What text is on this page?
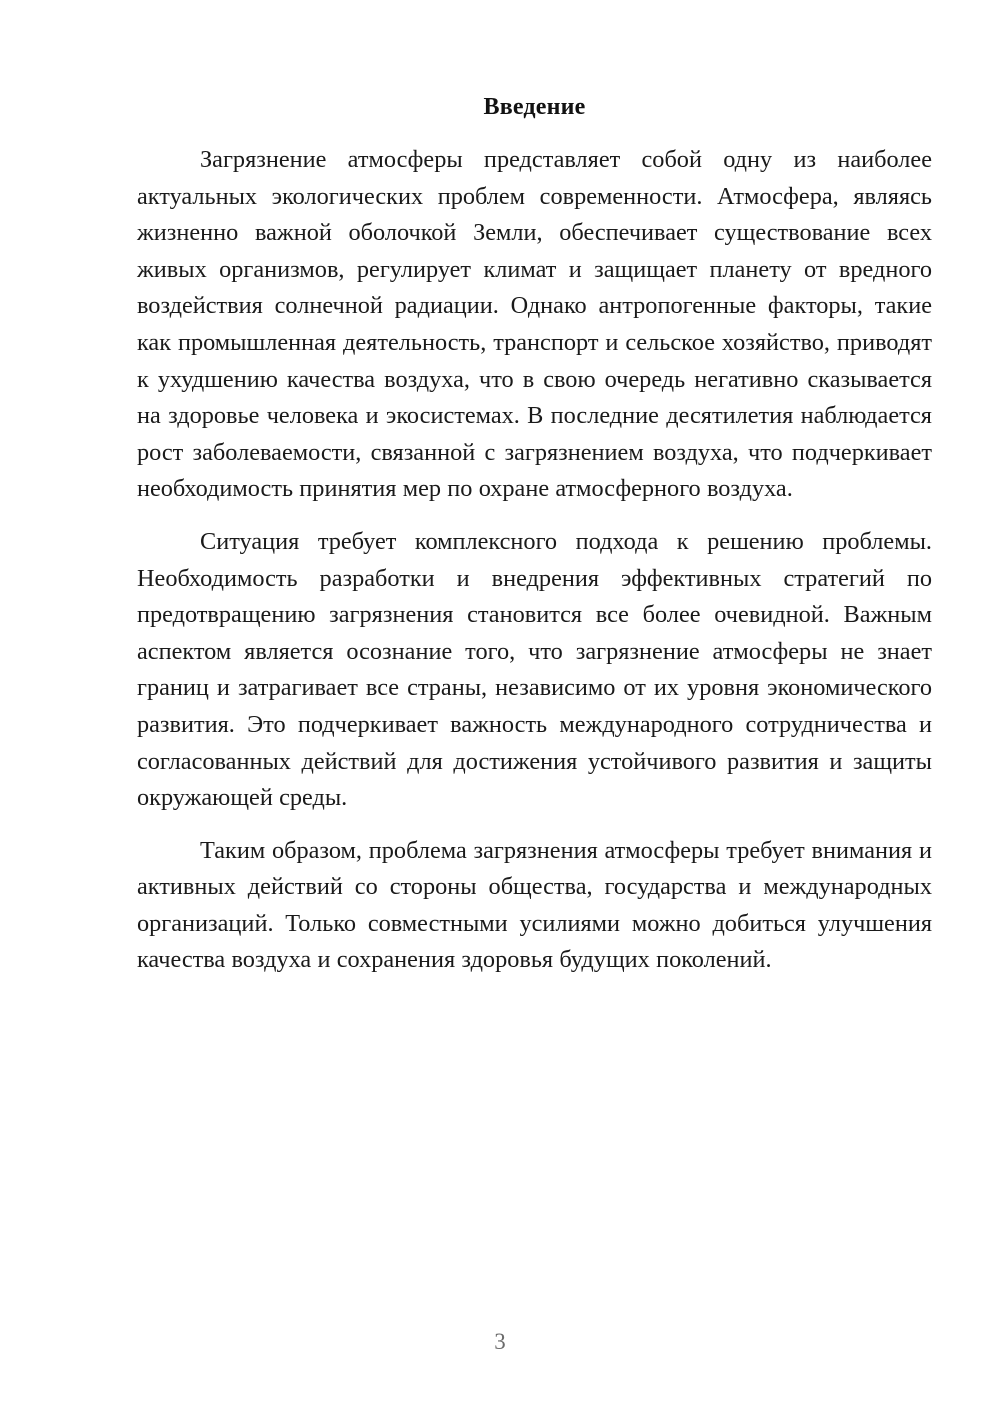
Введение

Загрязнение атмосферы представляет собой одну из наиболее актуальных экологических проблем современности. Атмосфера, являясь жизненно важной оболочкой Земли, обеспечивает существование всех живых организмов, регулирует климат и защищает планету от вредного воздействия солнечной радиации. Однако антропогенные факторы, такие как промышленная деятельность, транспорт и сельское хозяйство, приводят к ухудшению качества воздуха, что в свою очередь негативно сказывается на здоровье человека и экосистемах. В последние десятилетия наблюдается рост заболеваемости, связанной с загрязнением воздуха, что подчеркивает необходимость принятия мер по охране атмосферного воздуха.

Ситуация требует комплексного подхода к решению проблемы. Необходимость разработки и внедрения эффективных стратегий по предотвращению загрязнения становится все более очевидной. Важным аспектом является осознание того, что загрязнение атмосферы не знает границ и затрагивает все страны, независимо от их уровня экономического развития. Это подчеркивает важность международного сотрудничества и согласованных действий для достижения устойчивого развития и защиты окружающей среды.

Таким образом, проблема загрязнения атмосферы требует внимания и активных действий со стороны общества, государства и международных организаций. Только совместными усилиями можно добиться улучшения качества воздуха и сохранения здоровья будущих поколений.

3
